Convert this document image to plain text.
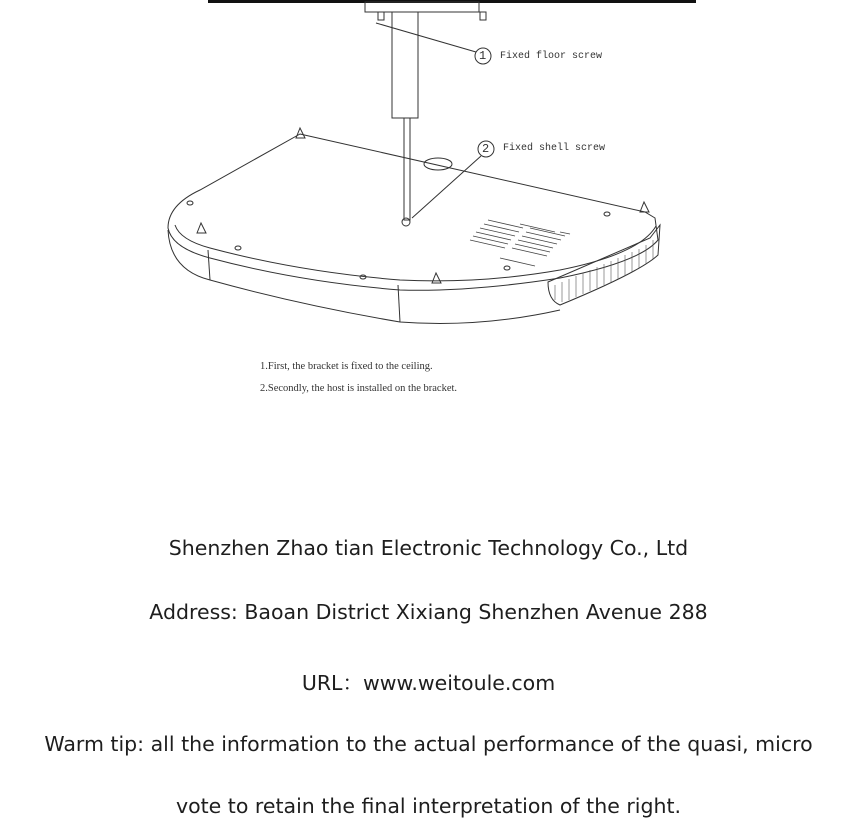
1 Fixed floor screw
2 Fixed shell screw
1.First, the bracket is fixed to the ceiling.
2.Secondly, the host is installed on the bracket.
Shenzhen Zhao tian Electronic Technology Co., Ltd
Address: Baoan District Xixiang Shenzhen Avenue 288
URL：www.weitoule.com
Warm tip: all the information to the actual performance of the quasi, micro
vote to retain the final interpretation of the right.
